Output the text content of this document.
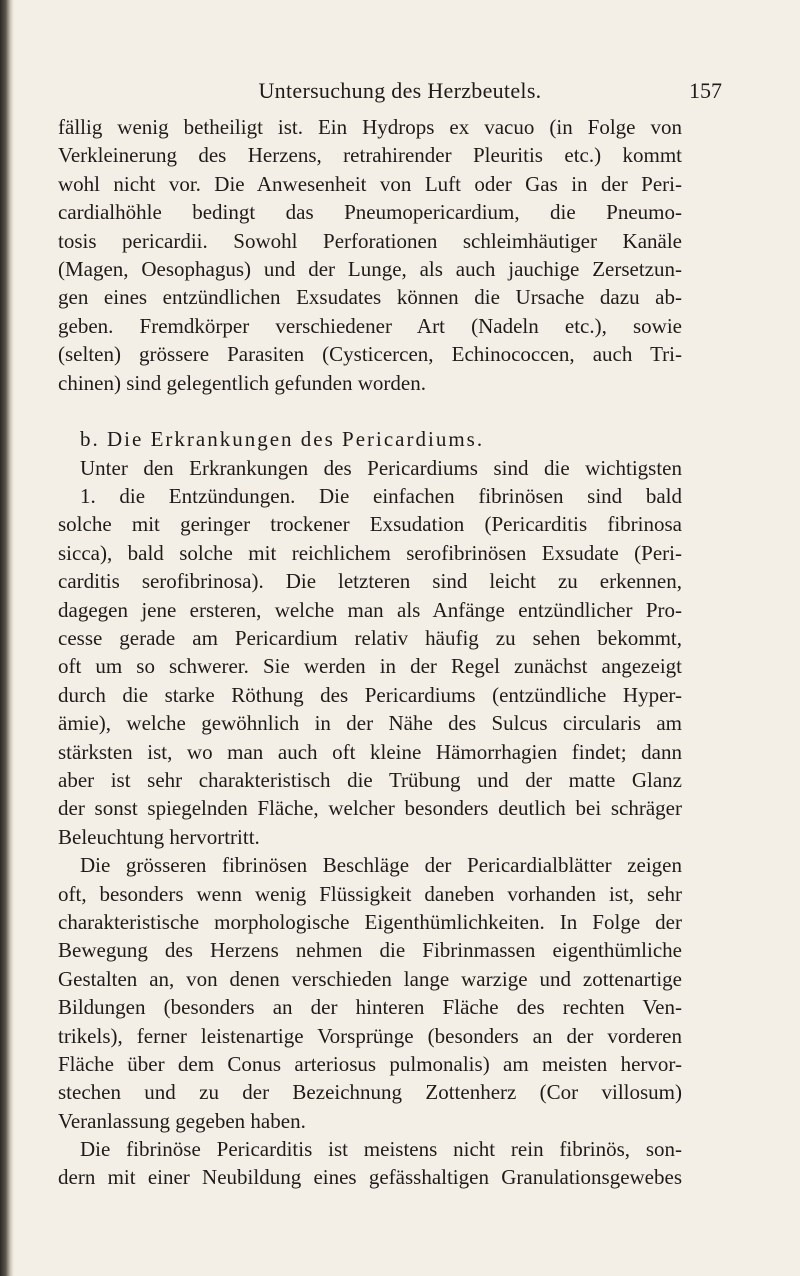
Untersuchung des Herzbeutels.	157
fällig wenig betheiligt ist. Ein Hydrops ex vacuo (in Folge von
Verkleinerung des Herzens, retrahirender Pleuritis etc.) kommt
wohl nicht vor. Die Anwesenheit von Luft oder Gas in der Peri-
cardialhöhle bedingt das Pneumopericardium, die Pneumo-
tosis pericardii. Sowohl Perforationen schleimhäutiger Kanäle
(Magen, Oesophagus) und der Lunge, als auch jauchige Zersetzun-
gen eines entzündlichen Exsudates können die Ursache dazu ab-
geben. Fremdkörper verschiedener Art (Nadeln etc.), sowie
(selten) grössere Parasiten (Cysticercen, Echinococcen, auch Tri-
chinen) sind gelegentlich gefunden worden.
b. Die Erkrankungen des Pericardiums.
Unter den Erkrankungen des Pericardiums sind die wichtigsten
1. die Entzündungen. Die einfachen fibrinösen sind bald
solche mit geringer trockener Exsudation (Pericarditis fibrinosa
sicca), bald solche mit reichlichem serofibrinösen Exsudate (Peri-
carditis serofibrinosa). Die letzteren sind leicht zu erkennen,
dagegen jene ersteren, welche man als Anfänge entzündlicher Pro-
cesse gerade am Pericardium relativ häufig zu sehen bekommt,
oft um so schwerer. Sie werden in der Regel zunächst angezeigt
durch die starke Röthung des Pericardiums (entzündliche Hyper-
ämie), welche gewöhnlich in der Nähe des Sulcus circularis am
stärksten ist, wo man auch oft kleine Hämorrhagien findet; dann
aber ist sehr charakteristisch die Trübung und der matte Glanz
der sonst spiegelnden Fläche, welcher besonders deutlich bei schräger
Beleuchtung hervortritt.
Die grösseren fibrinösen Beschläge der Pericardialblätter zeigen
oft, besonders wenn wenig Flüssigkeit daneben vorhanden ist, sehr
charakteristische morphologische Eigenthümlichkeiten. In Folge der
Bewegung des Herzens nehmen die Fibrinmassen eigenthümliche
Gestalten an, von denen verschieden lange warzige und zottenartige
Bildungen (besonders an der hinteren Fläche des rechten Ven-
trikels), ferner leistenartige Vorsprünge (besonders an der vorderen
Fläche über dem Conus arteriosus pulmonalis) am meisten hervor-
stechen und zu der Bezeichnung Zottenherz (Cor villosum)
Veranlassung gegeben haben.
Die fibrinöse Pericarditis ist meistens nicht rein fibrinös, son-
dern mit einer Neubildung eines gefässhaltigen Granulationsgewebes
